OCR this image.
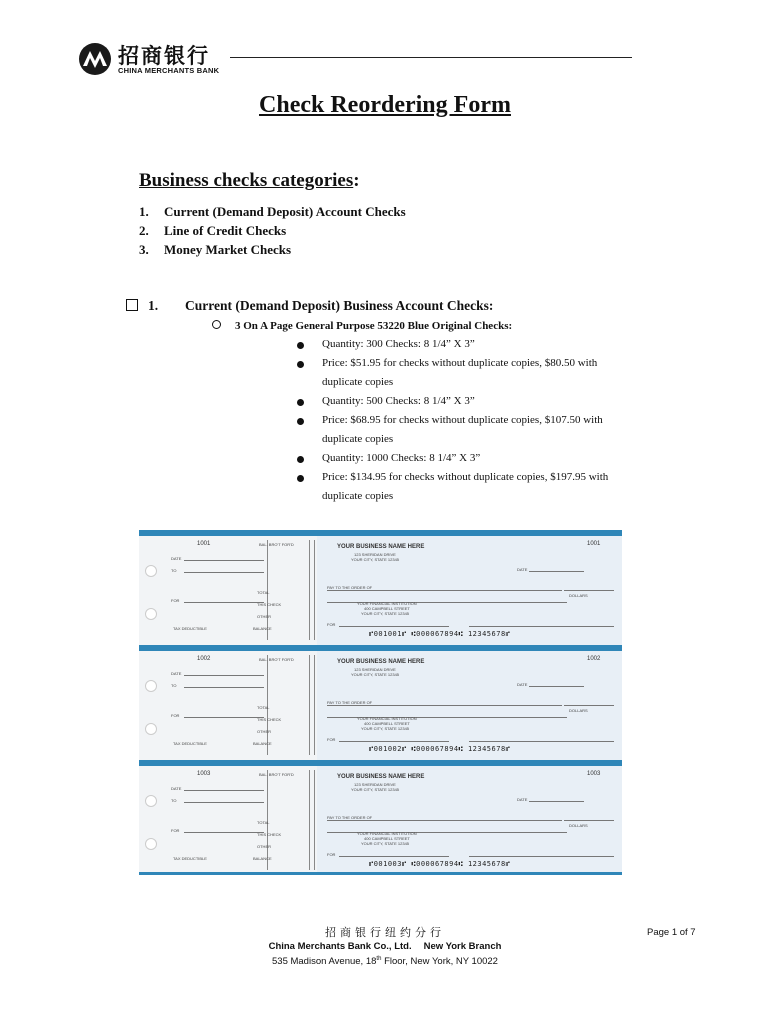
招商银行
CHINA MERCHANTS BANK
Check Reordering Form
Business checks categories:
1. Current (Demand Deposit) Account Checks
2. Line of Credit Checks
3. Money Market Checks
1. Current (Demand Deposit) Business Account Checks:
3 On A Page General Purpose 53220 Blue Original Checks:
Quantity: 300 Checks: 8 1/4” X 3”
Price: $51.95 for checks without duplicate copies, $80.50 with
duplicate copies
Quantity: 500 Checks: 8 1/4” X 3”
Price: $68.95 for checks without duplicate copies, $107.50 with
duplicate copies
Quantity: 1000 Checks: 8 1/4” X 3”
Price: $134.95 for checks without duplicate copies, $197.95 with
duplicate copies
1001
DATE
TO
FOR
BAL. BRO'T FOR'D
TOTAL
THIS CHECK
OTHER
TAX DEDUCTIBLE	BALANCE
YOUR BUSINESS NAME HERE
123 SHERIDAN DRIVE
YOUR CITY, STATE 12345
1001
DATE
PAY TO THE ORDER OF
DOLLARS
YOUR FINANCIAL INSTITUTION
400 CAMPBELL STREET
YOUR CITY, STATE 12345
FOR
⑈001001⑈ ⑆000067894⑆ 12345678⑈
1002
DATE
TO
FOR
BAL. BRO'T FOR'D
TOTAL
THIS CHECK
OTHER
TAX DEDUCTIBLE	BALANCE
YOUR BUSINESS NAME HERE
123 SHERIDAN DRIVE
YOUR CITY, STATE 12345
1002
DATE
PAY TO THE ORDER OF
DOLLARS
YOUR FINANCIAL INSTITUTION
400 CAMPBELL STREET
YOUR CITY, STATE 12345
FOR
⑈001002⑈ ⑆000067894⑆ 12345678⑈
1003
DATE
TO
FOR
BAL. BRO'T FOR'D
TOTAL
THIS CHECK
OTHER
TAX DEDUCTIBLE	BALANCE
YOUR BUSINESS NAME HERE
123 SHERIDAN DRIVE
YOUR CITY, STATE 12345
1003
DATE
PAY TO THE ORDER OF
DOLLARS
YOUR FINANCIAL INSTITUTION
400 CAMPBELL STREET
YOUR CITY, STATE 12345
FOR
⑈001003⑈ ⑆000067894⑆ 12345678⑈
招商银行纽约分行
China Merchants Bank Co., Ltd. New York Branch
535 Madison Avenue, 18th Floor, New York, NY 10022
Page 1 of 7
